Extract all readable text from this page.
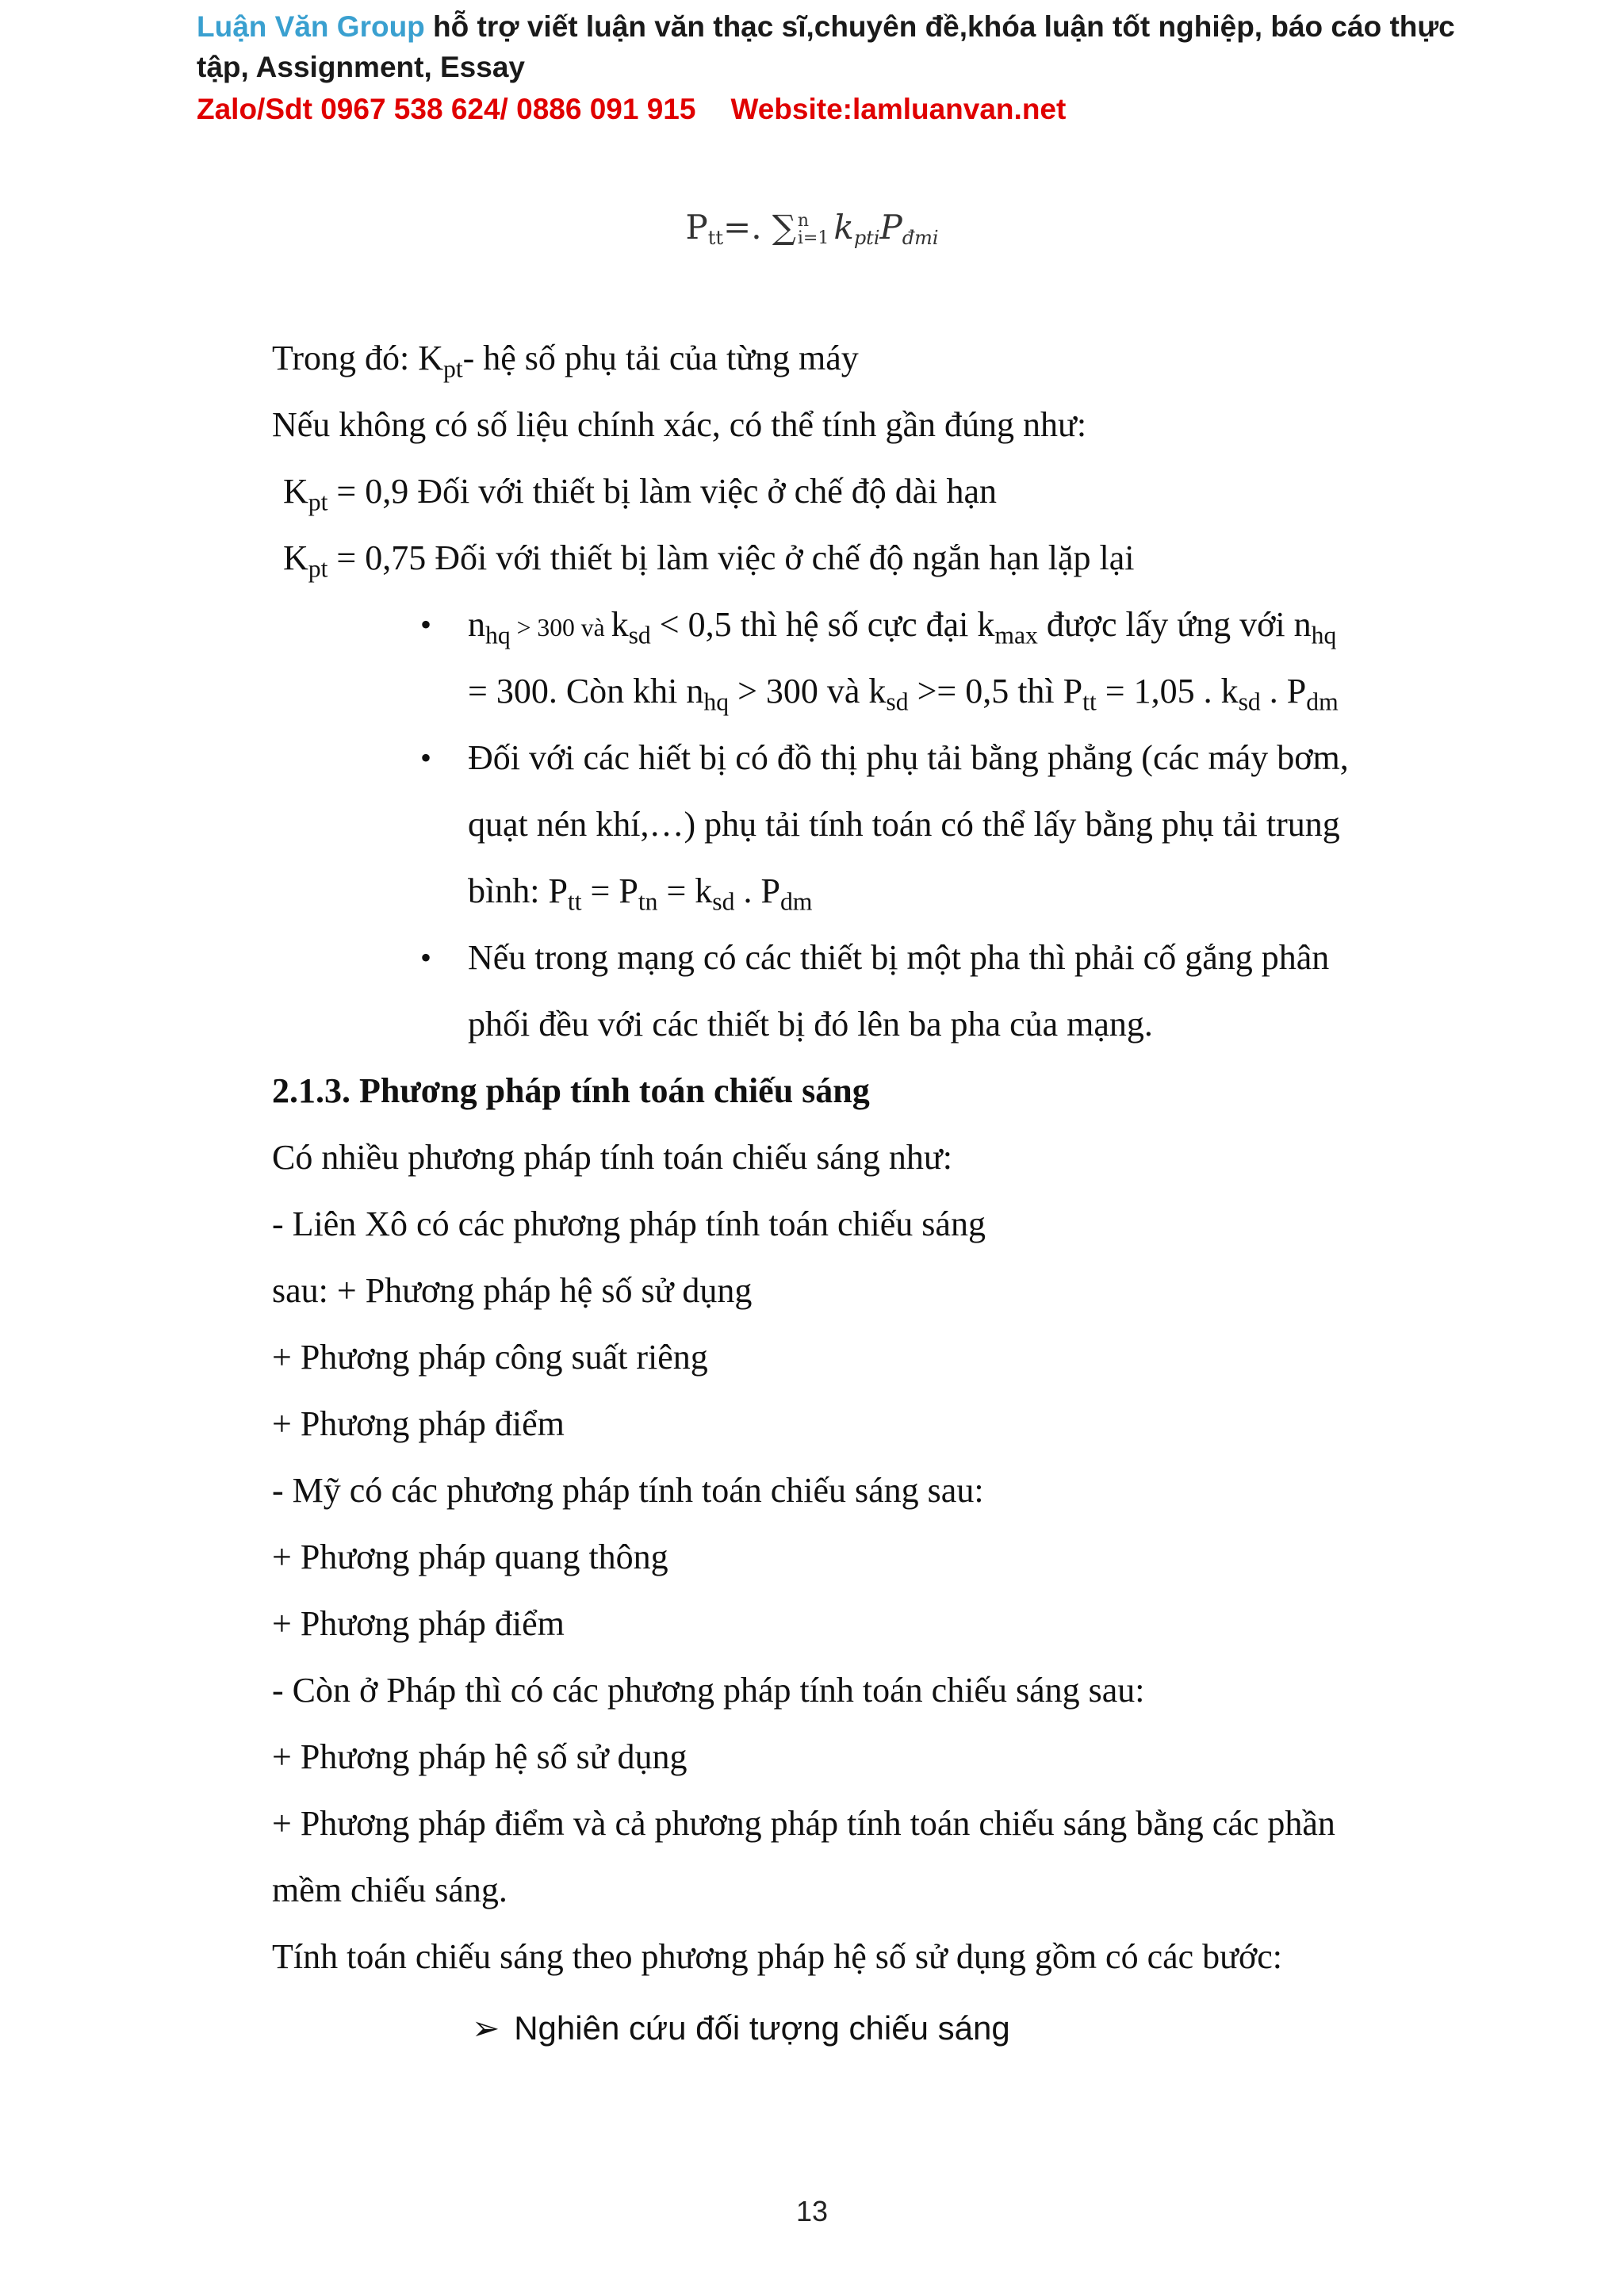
Luận Văn Group hỗ trợ viết luận văn thạc sĩ,chuyên đề,khóa luận tốt nghiệp, báo cáo thực
tập, Assignment, Essay
Zalo/Sdt 0967 538 624/ 0886 091 915 Website:lamluanvan.net
$P_{tt}=$. ∑ n
i=1 $k_{pti}P_{đmi}$
Trong đó: $K_{pt}-$ hệ số phụ tải của từng máy
Nếu không có số liệu chính xác, có thể tính gần đúng như:
$K_{pt} = 0,9$ Đối với thiết bị làm việc ở chế độ dài hạn
$K_{pt} = 0,75$ Đối với thiết bị làm việc ở chế độ ngắn hạn lặp lại
• $n_{hq} > 300$ và $k_{sd} < 0,5$ thì hệ số cực đại $k_{max}$ được lấy ứng với $n_{hq}$
= 300. Còn khi $n_{hq} > 300$ và $k_{sd} >= 0,5$ thì $P_{tt} = 1,05$ . $k_{sd}$ . $P_{dm}$
• Đối với các hiết bị có đồ thị phụ tải bằng phẳng (các máy bơm,
quạt nén khí,…) phụ tải tính toán có thể lấy bằng phụ tải trung
bình: $P_{tt} = P_{tn} = k_{sd}$ . $P_{dm}$
• Nếu trong mạng có các thiết bị một pha thì phải cố gắng phân
phối đều với các thiết bị đó lên ba pha của mạng.
2.1.3. Phương pháp tính toán chiếu sáng
Có nhiều phương pháp tính toán chiếu sáng như:
- Liên Xô có các phương pháp tính toán chiếu sáng
sau: + Phương pháp hệ số sử dụng
+ Phương pháp công suất riêng
+ Phương pháp điểm
- Mỹ có các phương pháp tính toán chiếu sáng sau:
+ Phương pháp quang thông
+ Phương pháp điểm
- Còn ở Pháp thì có các phương pháp tính toán chiếu sáng sau:
+ Phương pháp hệ số sử dụng
+ Phương pháp điểm và cả phương pháp tính toán chiếu sáng bằng các phần
mềm chiếu sáng.
Tính toán chiếu sáng theo phương pháp hệ số sử dụng gồm có các bước:
➢ Nghiên cứu đối tượng chiếu sáng
13
